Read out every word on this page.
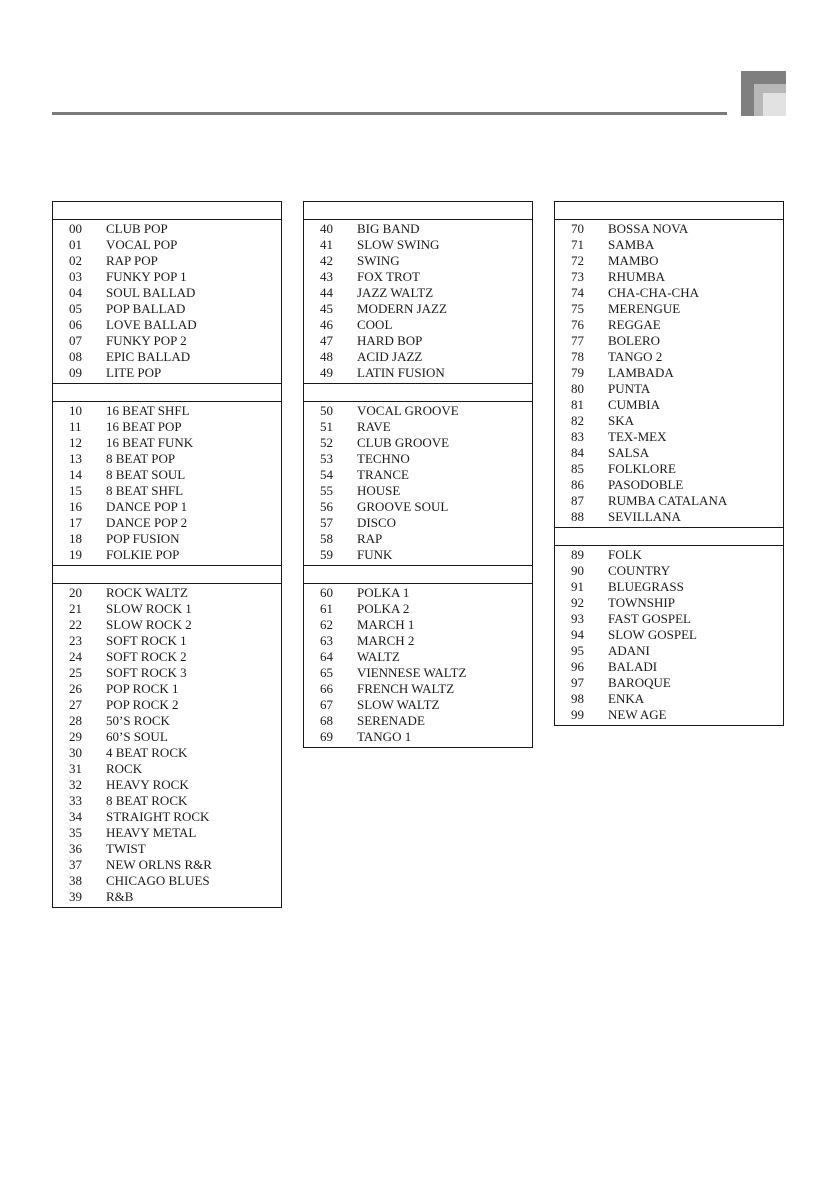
00 CLUB POP
01 VOCAL POP
02 RAP POP
03 FUNKY POP 1
04 SOUL BALLAD
05 POP BALLAD
06 LOVE BALLAD
07 FUNKY POP 2
08 EPIC BALLAD
09 LITE POP
10 16 BEAT SHFL
11 16 BEAT POP
12 16 BEAT FUNK
13 8 BEAT POP
14 8 BEAT SOUL
15 8 BEAT SHFL
16 DANCE POP 1
17 DANCE POP 2
18 POP FUSION
19 FOLKIE POP
20 ROCK WALTZ
21 SLOW ROCK 1
22 SLOW ROCK 2
23 SOFT ROCK 1
24 SOFT ROCK 2
25 SOFT ROCK 3
26 POP ROCK 1
27 POP ROCK 2
28 50’S ROCK
29 60’S SOUL
30 4 BEAT ROCK
31 ROCK
32 HEAVY ROCK
33 8 BEAT ROCK
34 STRAIGHT ROCK
35 HEAVY METAL
36 TWIST
37 NEW ORLNS R&R
38 CHICAGO BLUES
39 R&B
40 BIG BAND
41 SLOW SWING
42 SWING
43 FOX TROT
44 JAZZ WALTZ
45 MODERN JAZZ
46 COOL
47 HARD BOP
48 ACID JAZZ
49 LATIN FUSION
50 VOCAL GROOVE
51 RAVE
52 CLUB GROOVE
53 TECHNO
54 TRANCE
55 HOUSE
56 GROOVE SOUL
57 DISCO
58 RAP
59 FUNK
60 POLKA 1
61 POLKA 2
62 MARCH 1
63 MARCH 2
64 WALTZ
65 VIENNESE WALTZ
66 FRENCH WALTZ
67 SLOW WALTZ
68 SERENADE
69 TANGO 1
70 BOSSA NOVA
71 SAMBA
72 MAMBO
73 RHUMBA
74 CHA-CHA-CHA
75 MERENGUE
76 REGGAE
77 BOLERO
78 TANGO 2
79 LAMBADA
80 PUNTA
81 CUMBIA
82 SKA
83 TEX-MEX
84 SALSA
85 FOLKLORE
86 PASODOBLE
87 RUMBA CATALANA
88 SEVILLANA
89 FOLK
90 COUNTRY
91 BLUEGRASS
92 TOWNSHIP
93 FAST GOSPEL
94 SLOW GOSPEL
95 ADANI
96 BALADI
97 BAROQUE
98 ENKA
99 NEW AGE
